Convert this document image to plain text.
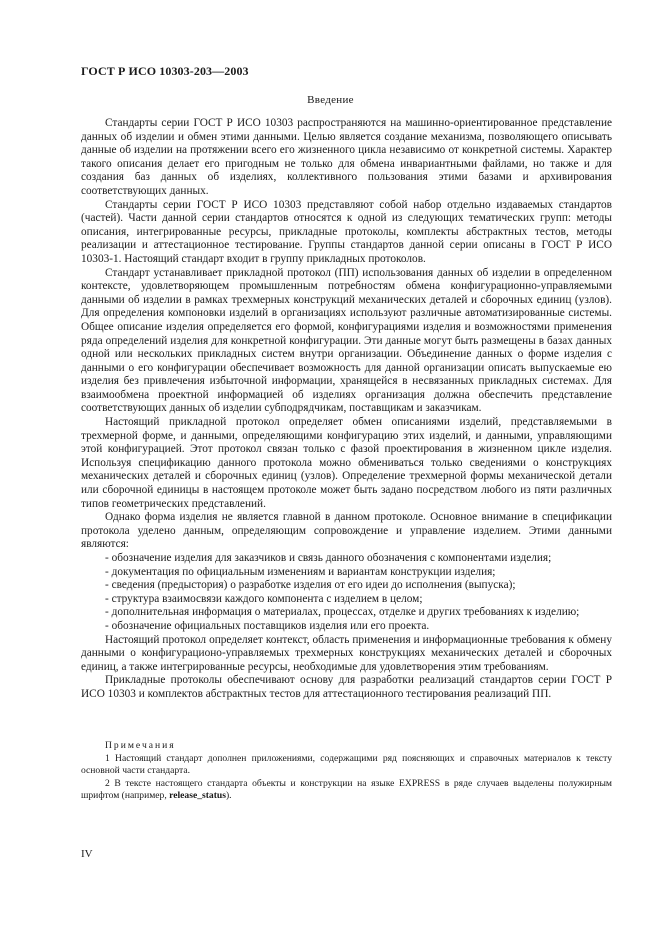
ГОСТ Р ИСО 10303-203—2003
Введение

Стандарты серии ГОСТ Р ИСО 10303 распространяются на машинно-ориентированное представление данных об изделии и обмен этими данными. Целью является создание механизма, позволяющего описывать данные об изделии на протяжении всего его жизненного цикла независимо от конкретной системы. Характер такого описания делает его пригодным не только для обмена инвариантными файлами, но также и для создания баз данных об изделиях, коллективного пользования этими базами и архивирования соответствующих данных.

Стандарты серии ГОСТ Р ИСО 10303 представляют собой набор отдельно издаваемых стандартов (частей). Части данной серии стандартов относятся к одной из следующих тематических групп: методы описания, интегрированные ресурсы, прикладные протоколы, комплекты абстрактных тестов, методы реализации и аттестационное тестирование. Группы стандартов данной серии описаны в ГОСТ Р ИСО 10303-1. Настоящий стандарт входит в группу прикладных протоколов.

Стандарт устанавливает прикладной протокол (ПП) использования данных об изделии в определенном контексте, удовлетворяющем промышленным потребностям обмена конфигурационно-управляемыми данными об изделии в рамках трехмерных конструкций механических деталей и сборочных единиц (узлов). Для определения компоновки изделий в организациях используют различные автоматизированные системы. Общее описание изделия определяется его формой, конфигурациями изделия и возможностями применения ряда определений изделия для конкретной конфигурации. Эти данные могут быть размещены в базах данных одной или нескольких прикладных систем внутри организации. Объединение данных о форме изделия с данными о его конфигурации обеспечивает возможность для данной организации описать выпускаемые ею изделия без привлечения избыточной информации, хранящейся в несвязанных прикладных системах. Для взаимообмена проектной информацией об изделиях организация должна обеспечить представление соответствующих данных об изделии субподрядчикам, поставщикам и заказчикам.

Настоящий прикладной протокол определяет обмен описаниями изделий, представляемыми в трехмерной форме, и данными, определяющими конфигурацию этих изделий, и данными, управляющими этой конфигурацией. Этот протокол связан только с фазой проектирования в жизненном цикле изделия. Используя спецификацию данного протокола можно обмениваться только сведениями о конструкциях механических деталей и сборочных единиц (узлов). Определение трехмерной формы механической детали или сборочной единицы в настоящем протоколе может быть задано посредством любого из пяти различных типов геометрических представлений.

Однако форма изделия не является главной в данном протоколе. Основное внимание в спецификации протокола уделено данным, определяющим сопровождение и управление изделием. Этими данными являются:

- обозначение изделия для заказчиков и связь данного обозначения с компонентами изделия;

- документация по официальным изменениям и вариантам конструкции изделия;

- сведения (предыстория) о разработке изделия от его идеи до исполнения (выпуска);

- структура взаимосвязи каждого компонента с изделием в целом;

- дополнительная информация о материалах, процессах, отделке и других требованиях к изделию;

- обозначение официальных поставщиков изделия или его проекта.

Настоящий протокол определяет контекст, область применения и информационные требования к обмену данными о конфигурационо-управляемых трехмерных конструкциях механических деталей и сборочных единиц, а также интегрированные ресурсы, необходимые для удовлетворения этим требованиям.

Прикладные протоколы обеспечивают основу для разработки реализаций стандартов серии ГОСТ Р ИСО 10303 и комплектов абстрактных тестов для аттестационного тестирования реализаций ПП.

Примечания

1 Настоящий стандарт дополнен приложениями, содержащими ряд поясняющих и справочных материалов к тексту основной части стандарта.

2 В тексте настоящего стандарта объекты и конструкции на языке EXPRESS в ряде случаев выделены полужирным шрифтом (например, release_status).

IV
